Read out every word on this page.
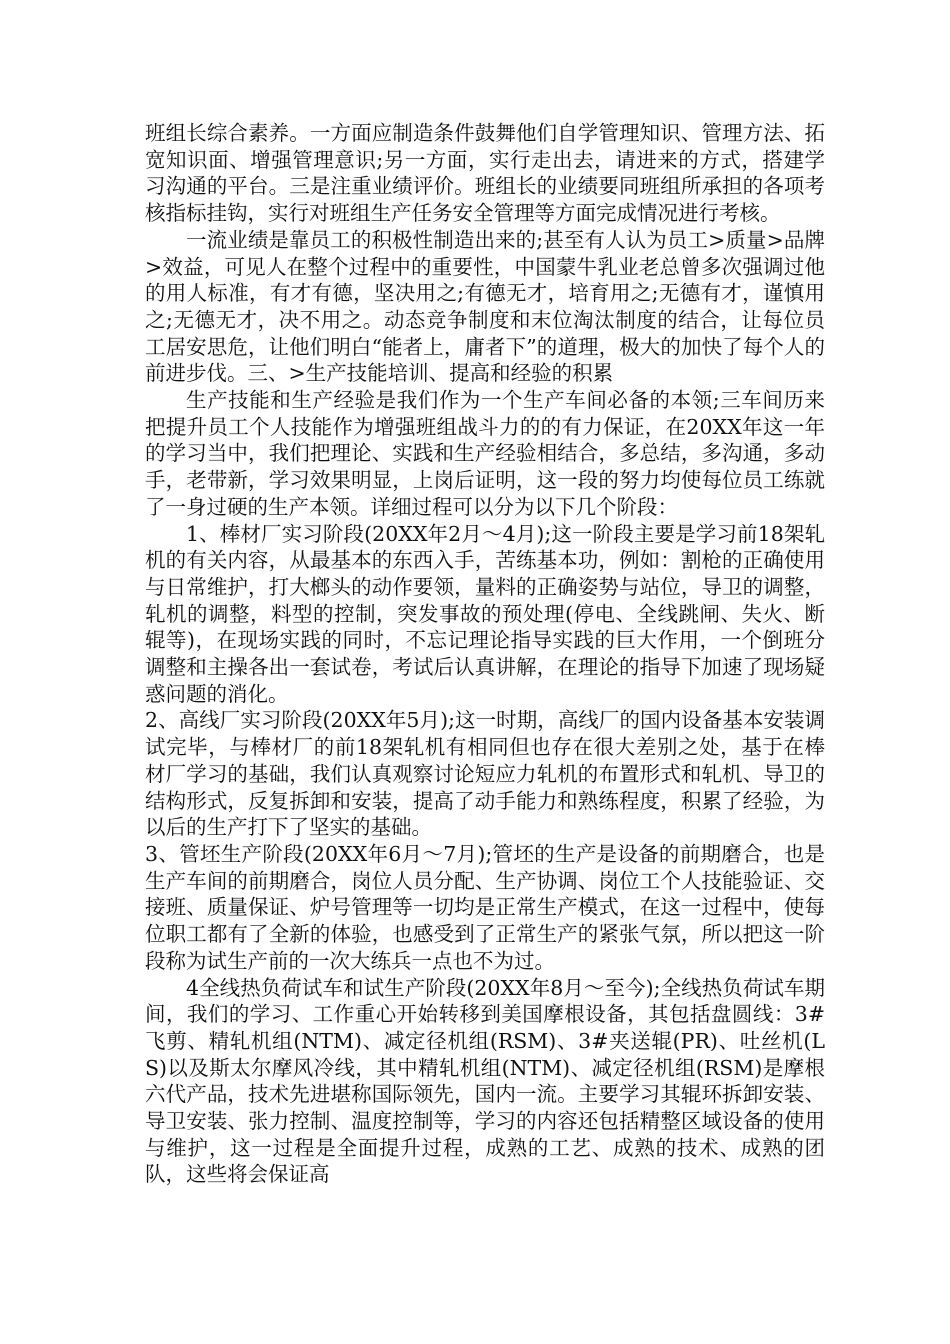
班组长综合素养。一方面应制造条件鼓舞他们自学管理知识、管理方法、拓宽知识面、增强管理意识;另一方面，实行走出去，请进来的方式，搭建学习沟通的平台。三是注重业绩评价。班组长的业绩要同班组所承担的各项考核指标挂钩，实行对班组生产任务安全管理等方面完成情况进行考核。

一流业绩是靠员工的积极性制造出来的;甚至有人认为员工>质量>品牌>效益，可见人在整个过程中的重要性，中国蒙牛乳业老总曾多次强调过他的用人标准，有才有德，坚决用之;有德无才，培育用之;无德有才，谨慎用之;无德无才，决不用之。动态竞争制度和末位淘汰制度的结合，让每位员工居安思危，让他们明白“能者上，庸者下”的道理，极大的加快了每个人的前进步伐。三、>生产技能培训、提高和经验的积累

生产技能和生产经验是我们作为一个生产车间必备的本领;三车间历来把提升员工个人技能作为增强班组战斗力的的有力保证，在20XX年这一年的学习当中，我们把理论、实践和生产经验相结合，多总结，多沟通，多动手，老带新，学习效果明显，上岗后证明，这一段的努力均使每位员工练就了一身过硬的生产本领。详细过程可以分为以下几个阶段：

1、棒材厂实习阶段(20XX年2月～4月);这一阶段主要是学习前18架轧机的有关内容，从最基本的东西入手，苦练基本功，例如：割枪的正确使用与日常维护，打大榔头的动作要领，量料的正确姿势与站位，导卫的调整，轧机的调整，料型的控制，突发事故的预处理(停电、全线跳闸、失火、断辊等)，在现场实践的同时，不忘记理论指导实践的巨大作用，一个倒班分调整和主操各出一套试卷，考试后认真讲解，在理论的指导下加速了现场疑惑问题的消化。

2、高线厂实习阶段(20XX年5月);这一时期，高线厂的国内设备基本安装调试完毕，与棒材厂的前18架轧机有相同但也存在很大差别之处，基于在棒材厂学习的基础，我们认真观察讨论短应力轧机的布置形式和轧机、导卫的结构形式，反复拆卸和安装，提高了动手能力和熟练程度，积累了经验，为以后的生产打下了坚实的基础。

3、管坯生产阶段(20XX年6月～7月);管坯的生产是设备的前期磨合，也是生产车间的前期磨合，岗位人员分配、生产协调、岗位工个人技能验证、交接班、质量保证、炉号管理等一切均是正常生产模式，在这一过程中，使每位职工都有了全新的体验，也感受到了正常生产的紧张气氛，所以把这一阶段称为试生产前的一次大练兵一点也不为过。

4全线热负荷试车和试生产阶段(20XX年8月～至今);全线热负荷试车期间，我们的学习、工作重心开始转移到美国摩根设备，其包括盘圆线：3#飞剪、精轧机组(NTM)、减定径机组(RSM)、3#夹送辊(PR)、吐丝机(LS)以及斯太尔摩风冷线，其中精轧机组(NTM)、减定径机组(RSM)是摩根六代产品，技术先进堪称国际领先，国内一流。主要学习其辊环拆卸安装、导卫安装、张力控制、温度控制等，学习的内容还包括精整区域设备的使用与维护，这一过程是全面提升过程，成熟的工艺、成熟的技术、成熟的团队，这些将会保证高
